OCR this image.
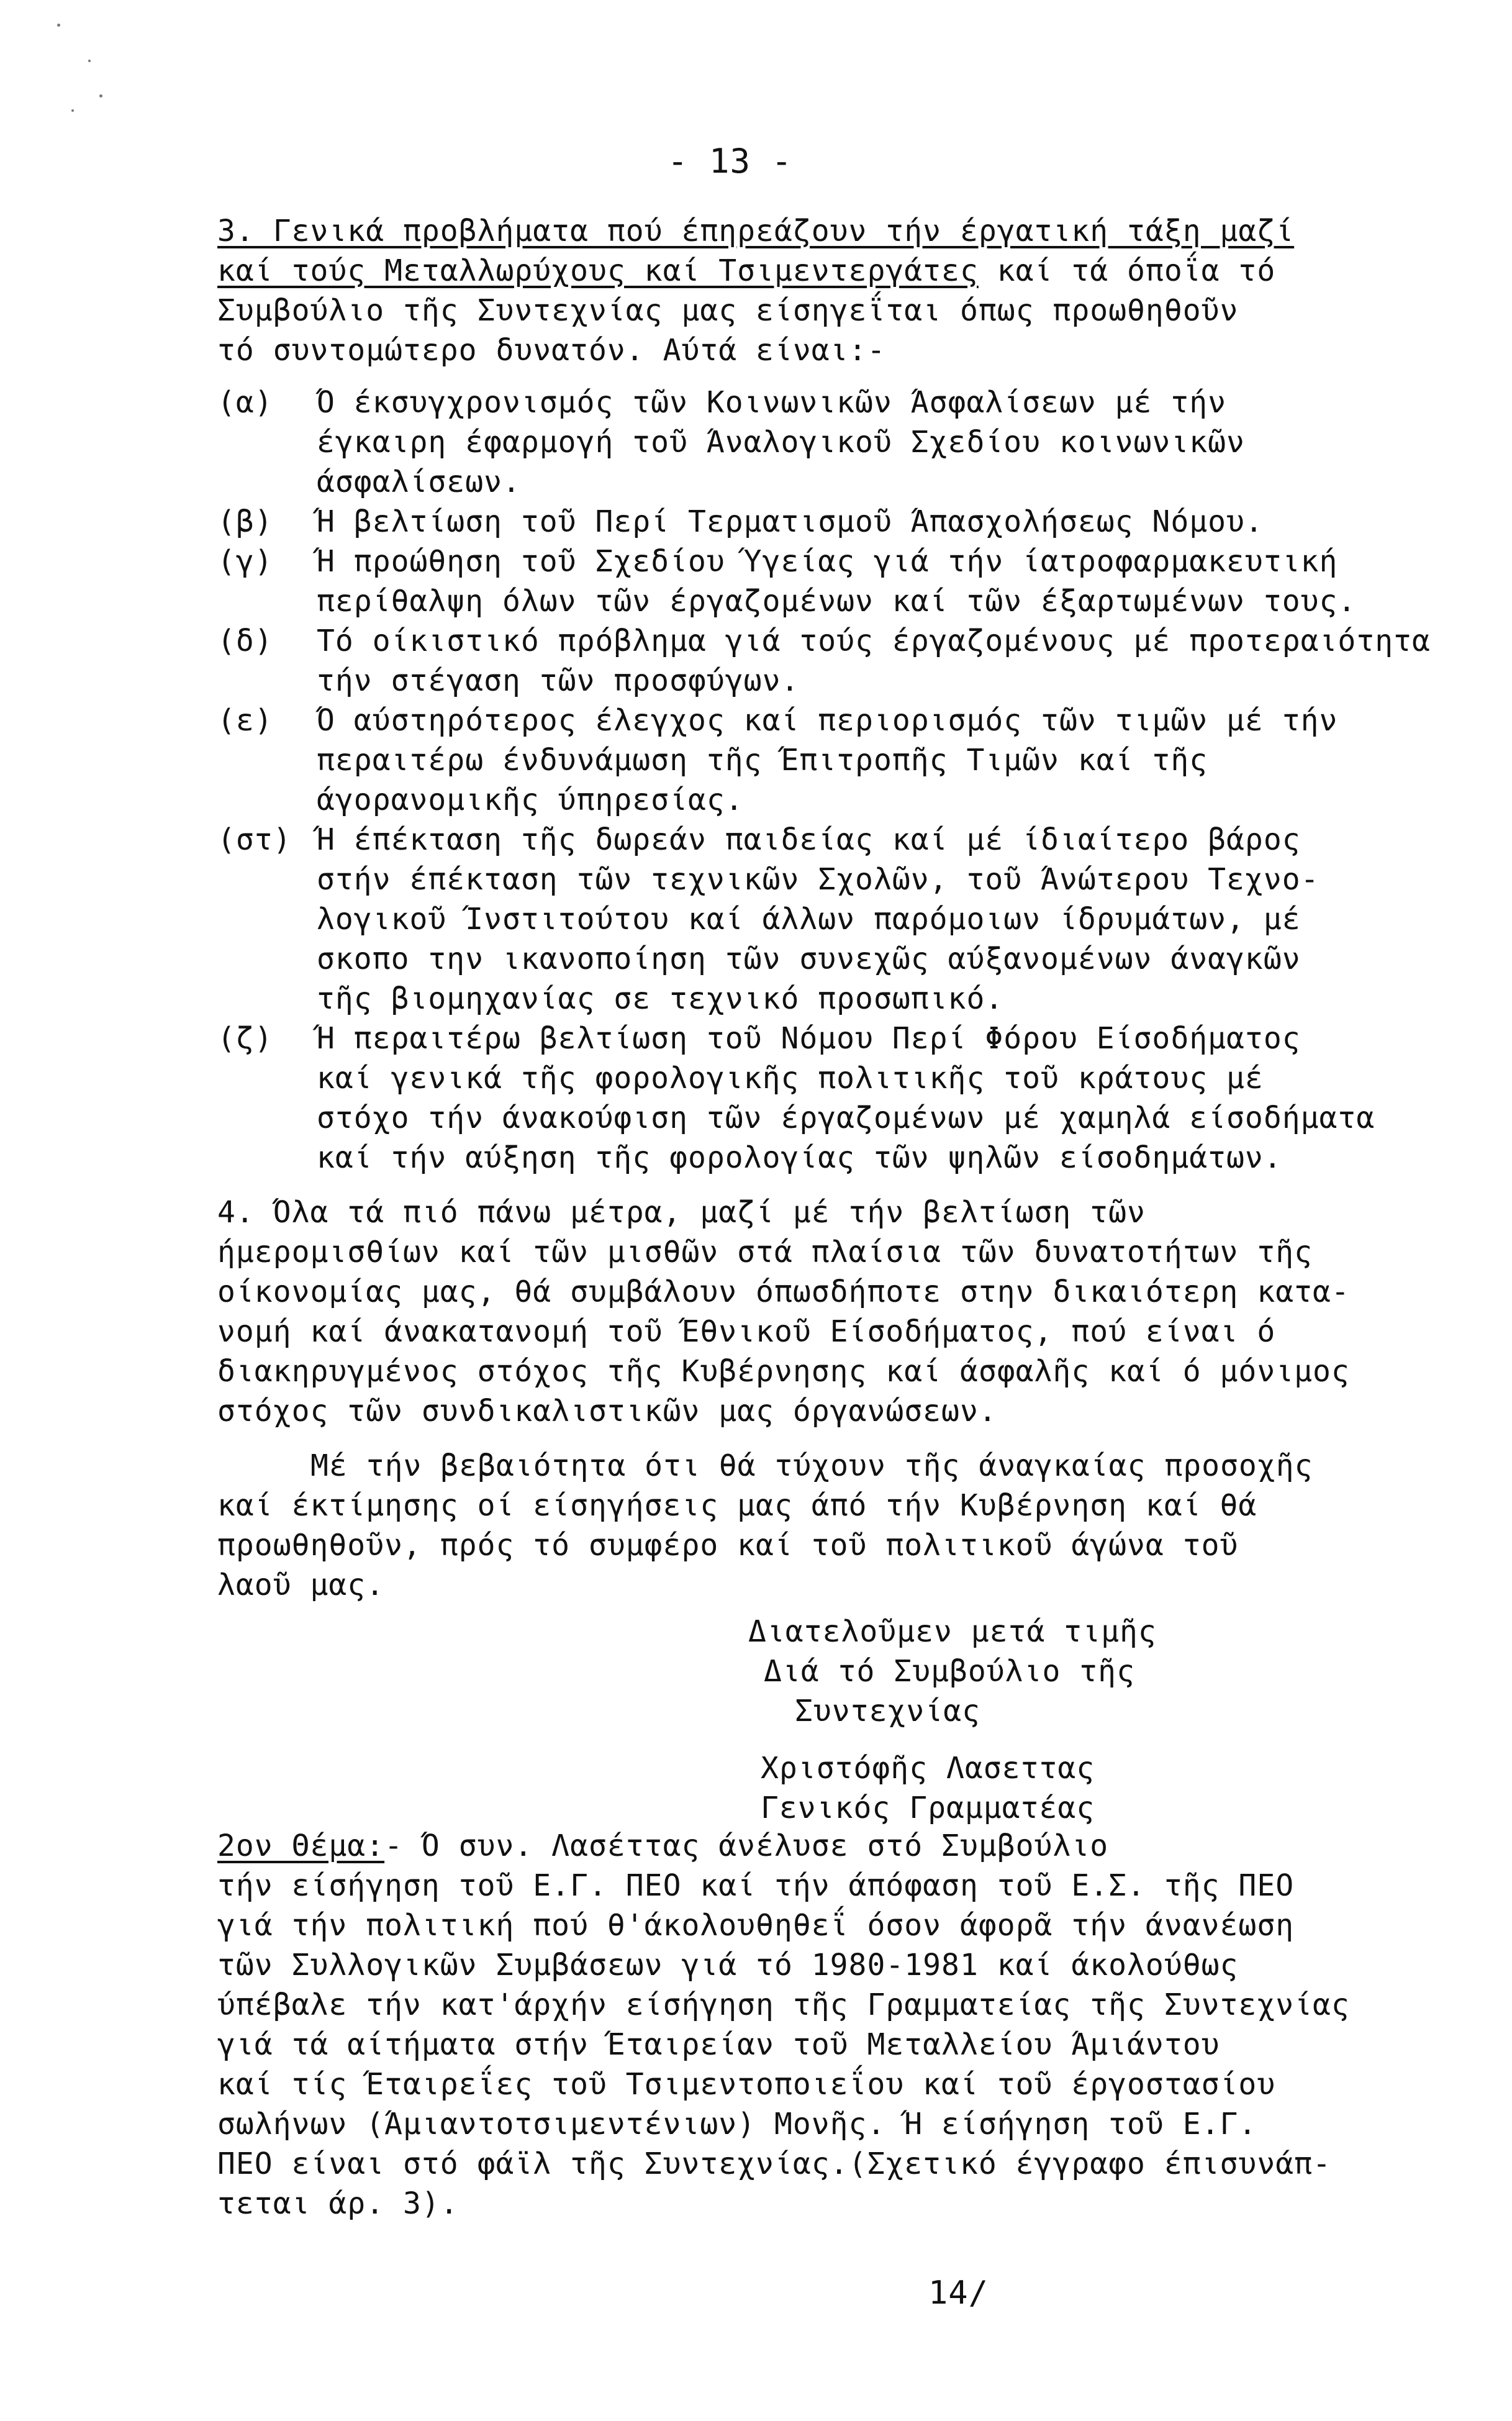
- 13 -
3. Γενικά προβλήματα πού έπηρεάζουν τήν έργατική τάξη μαζί
καί τούς Μεταλλωρύχους καί Τσιμεντεργάτες καί τά όποΐα τό
Συμβούλιο τῆς Συντεχνίας μας είσηγεΐται όπως προωθηθοῦν
τό συντομώτερο δυνατόν. Αύτά είναι:-
(α) Ό έκσυγχρονισμός τῶν Κοινωνικῶν Άσφαλίσεων μέ τήν
έγκαιρη έφαρμογή τοῦ Άναλογικοῦ Σχεδίου κοινωνικῶν
άσφαλίσεων.
(β) Ή βελτίωση τοῦ Περί Τερματισμοῦ Άπασχολήσεως Νόμου.
(γ) Ή προώθηση τοῦ Σχεδίου Ύγείας γιά τήν ίατροφαρμακευτική
περίθαλψη όλων τῶν έργαζομένων καί τῶν έξαρτωμένων τους.
(δ) Τό οίκιστικό πρόβλημα γιά τούς έργαζομένους μέ προτεραιότητα
τήν στέγαση τῶν προσφύγων.
(ε) Ό αύστηρότερος έλεγχος καί περιορισμός τῶν τιμῶν μέ τήν
περαιτέρω ένδυνάμωση τῆς Έπιτροπῆς Τιμῶν καί τῆς
άγορανομικῆς ύπηρεσίας.
(στ) Ή έπέκταση τῆς δωρεάν παιδείας καί μέ ίδιαίτερο βάρος
στήν έπέκταση τῶν τεχνικῶν Σχολῶν, τοῦ Άνώτερου Τεχνο-
λογικοῦ Ίνστιτούτου καί άλλων παρόμοιων ίδρυμάτων, μέ
σκοπο την ικανοποίηση τῶν συνεχῶς αύξανομένων άναγκῶν
τῆς βιομηχανίας σε τεχνικό προσωπικό.
(ζ) Ή περαιτέρω βελτίωση τοῦ Νόμου Περί Φόρου Είσοδήματος
καί γενικά τῆς φορολογικῆς πολιτικῆς τοῦ κράτους μέ
στόχο τήν άνακούφιση τῶν έργαζομένων μέ χαμηλά είσοδήματα
καί τήν αύξηση τῆς φορολογίας τῶν ψηλῶν είσοδημάτων.
4. Όλα τά πιό πάνω μέτρα, μαζί μέ τήν βελτίωση τῶν
ήμερομισθίων καί τῶν μισθῶν στά πλαίσια τῶν δυνατοτήτων τῆς
οίκονομίας μας, θά συμβάλουν όπωσδήποτε στην δικαιότερη κατα-
νομή καί άνακατανομή τοῦ Έθνικοῦ Είσοδήματος, πού είναι ό
διακηρυγμένος στόχος τῆς Κυβέρνησης καί άσφαλῆς καί ό μόνιμος
στόχος τῶν συνδικαλιστικῶν μας όργανώσεων.
Μέ τήν βεβαιότητα ότι θά τύχουν τῆς άναγκαίας προσοχῆς
καί έκτίμησης οί είσηγήσεις μας άπό τήν Κυβέρνηση καί θά
προωθηθοῦν, πρός τό συμφέρο καί τοῦ πολιτικοῦ άγώνα τοῦ
λαοῦ μας.
Διατελοῦμεν μετά τιμῆς
Διά τό Συμβούλιο τῆς
Συντεχνίας
Χριστόφῆς Λασεττας
Γενικός Γραμματέας
2ον Θέμα:- Ό συν. Λασέττας άνέλυσε στό Συμβούλιο
τήν είσήγηση τοῦ Ε.Γ. ΠΕΟ καί τήν άπόφαση τοῦ Ε.Σ. τῆς ΠΕΟ
γιά τήν πολιτική πού θ'άκολουθηθεΐ όσον άφορᾶ τήν άνανέωση
τῶν Συλλογικῶν Συμβάσεων γιά τό 1980-1981 καί άκολούθως
ύπέβαλε τήν κατ'άρχήν είσήγηση τῆς Γραμματείας τῆς Συντεχνίας
γιά τά αίτήματα στήν Έταιρείαν τοῦ Μεταλλείου Άμιάντου
καί τίς Έταιρεΐες τοῦ Τσιμεντοποιεΐου καί τοῦ έργοστασίου
σωλήνων (Άμιαντοτσιμεντένιων) Μονῆς. Ή είσήγηση τοῦ Ε.Γ.
ΠΕΟ είναι στό φάϊλ τῆς Συντεχνίας.(Σχετικό έγγραφο έπισυνάπ-
τεται άρ. 3).
14/
